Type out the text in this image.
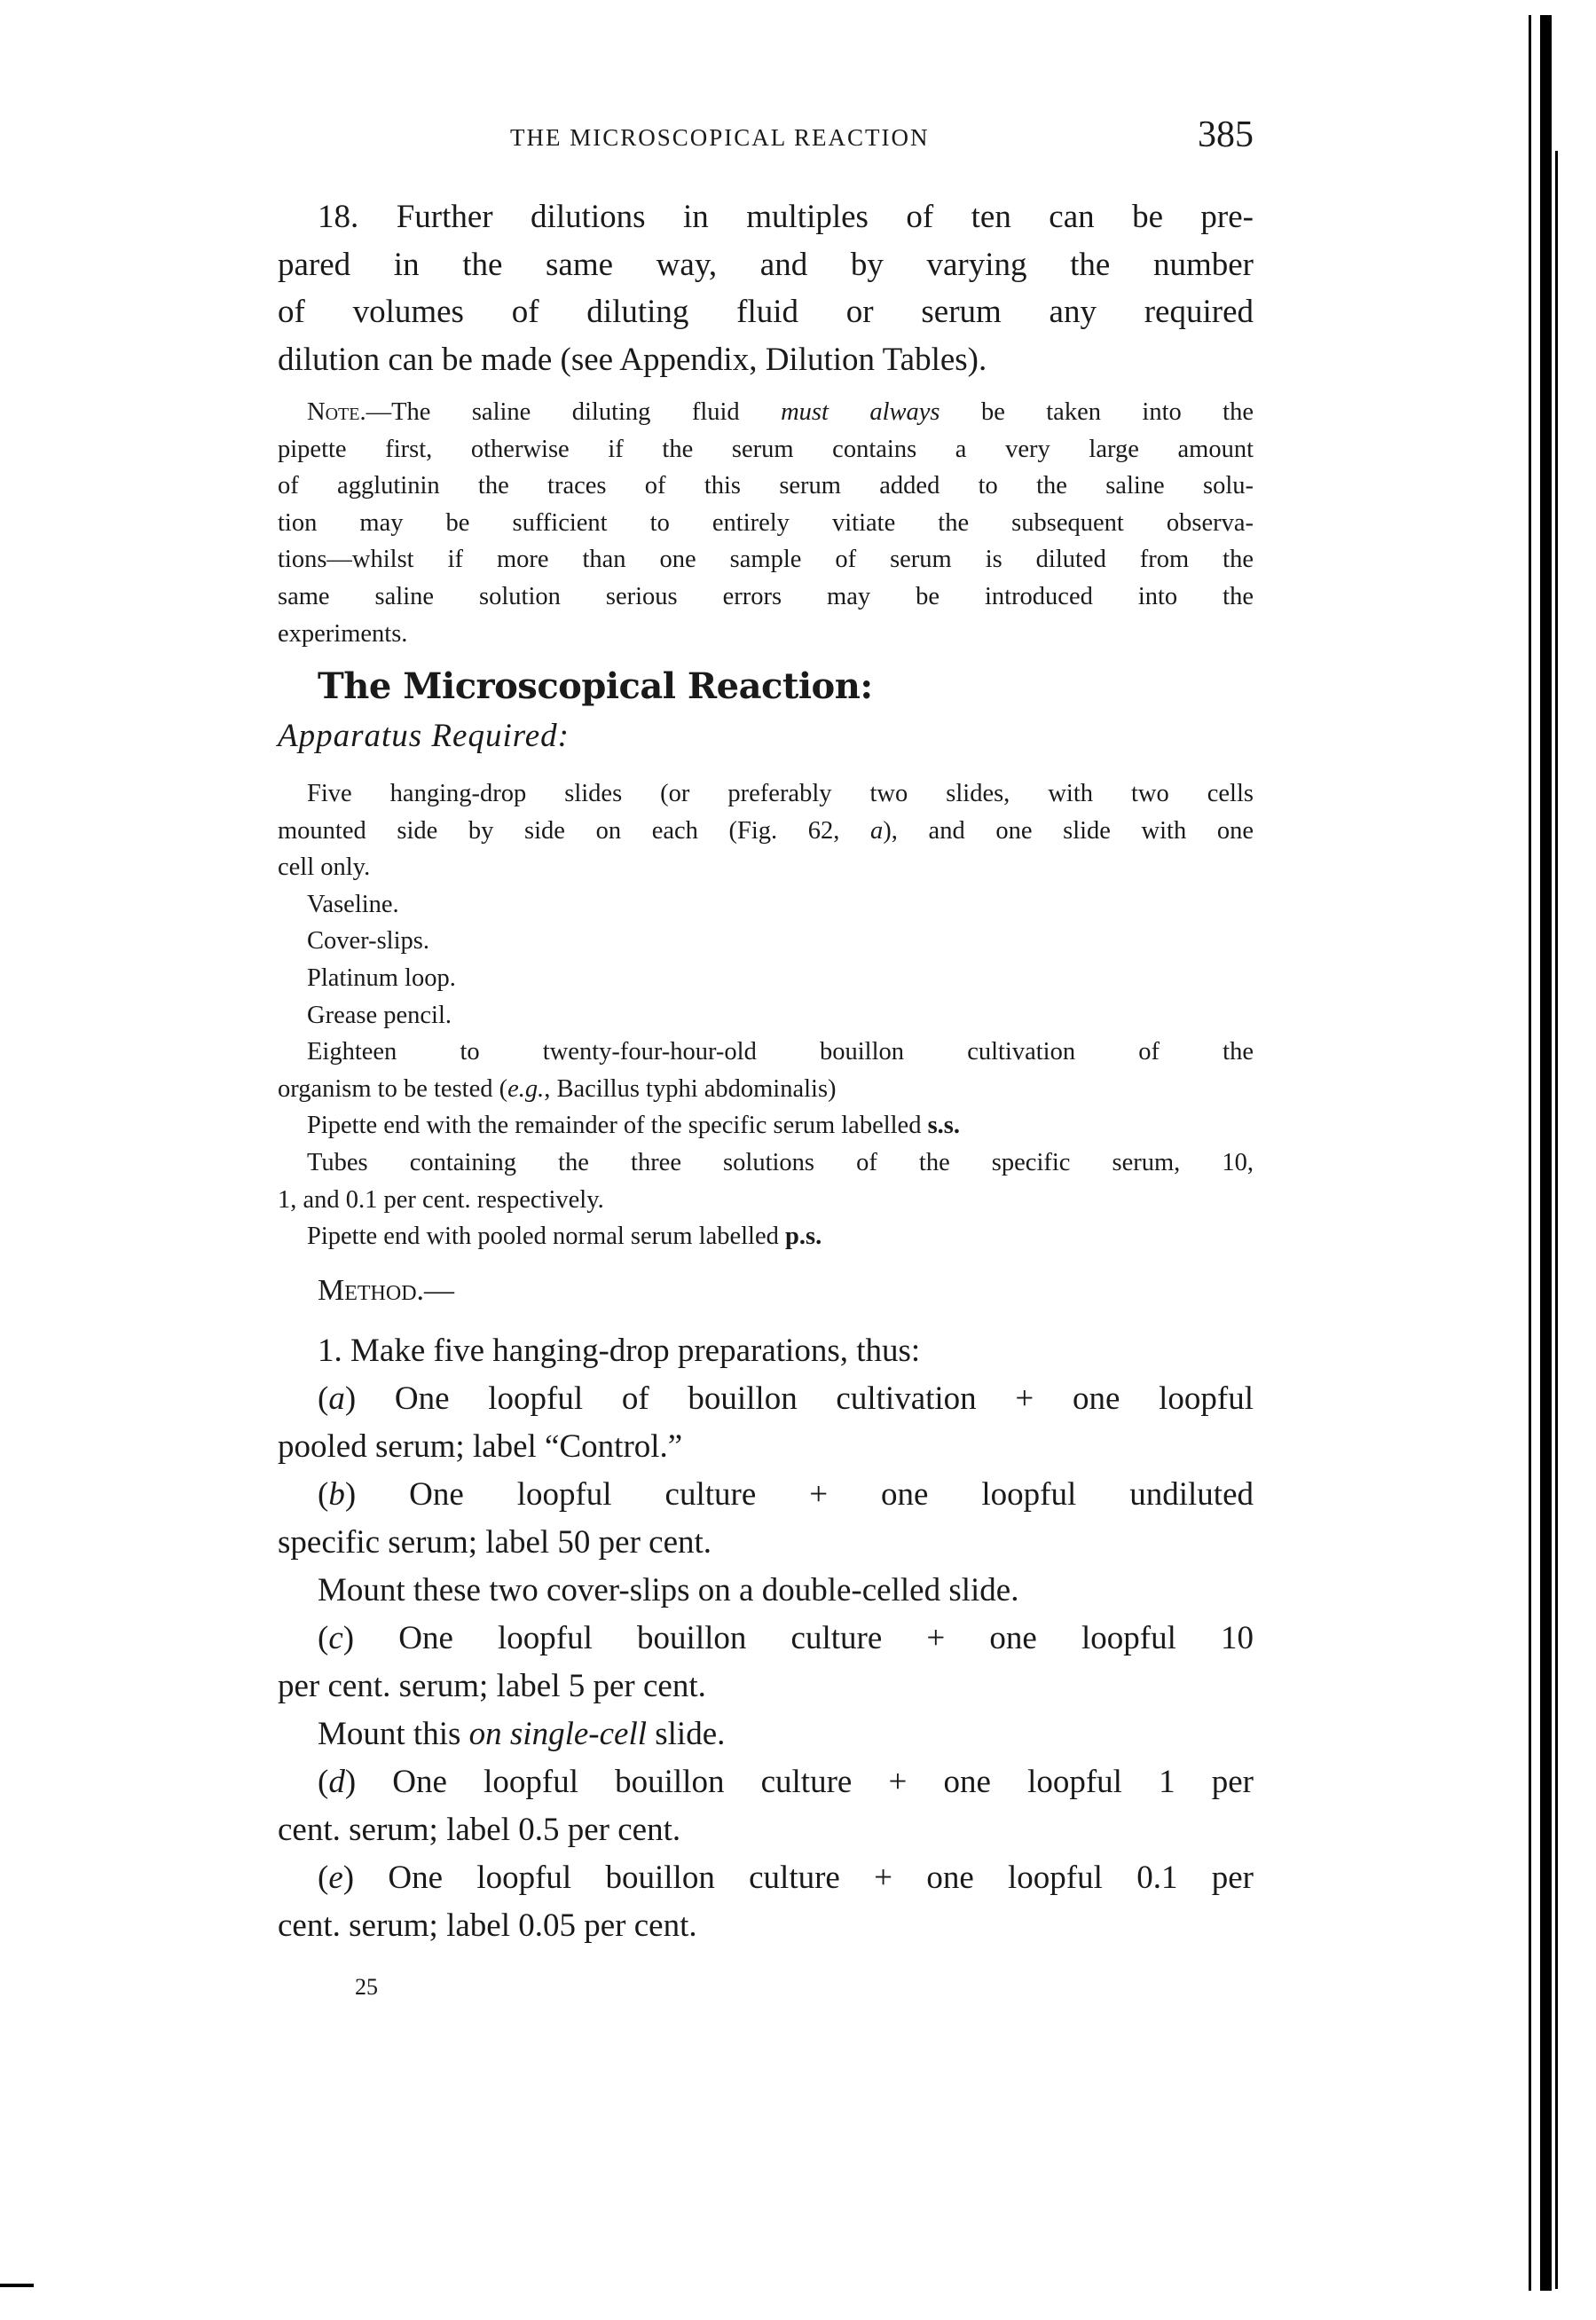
THE MICROSCOPICAL REACTION	385
18. Further dilutions in multiples of ten can be pre-
pared in the same way, and by varying the number
of volumes of diluting fluid or serum any required
dilution can be made (see Appendix, Dilution Tables).
Note.—The saline diluting fluid must always be taken into the
pipette first, otherwise if the serum contains a very large amount
of agglutinin the traces of this serum added to the saline solu-
tion may be sufficient to entirely vitiate the subsequent observa-
tions—whilst if more than one sample of serum is diluted from the
same saline solution serious errors may be introduced into the
experiments.
The Microscopical Reaction:
Apparatus Required:
Five hanging-drop slides (or preferably two slides, with two cells
mounted side by side on each (Fig. 62, a), and one slide with one
cell only.
Vaseline.
Cover-slips.
Platinum loop.
Grease pencil.
Eighteen to twenty-four-hour-old bouillon cultivation of the
organism to be tested (e.g., Bacillus typhi abdominalis)
Pipette end with the remainder of the specific serum labelled s.s.
Tubes containing the three solutions of the specific serum, 10,
1, and 0.1 per cent. respectively.
Pipette end with pooled normal serum labelled p.s.
Method.—
1. Make five hanging-drop preparations, thus:
(a) One loopful of bouillon cultivation + one loopful
pooled serum; label “Control.”
(b) One loopful culture + one loopful undiluted
specific serum; label 50 per cent.
Mount these two cover-slips on a double-celled slide.
(c) One loopful bouillon culture + one loopful 10
per cent. serum; label 5 per cent.
Mount this on single-cell slide.
(d) One loopful bouillon culture + one loopful 1 per
cent. serum; label 0.5 per cent.
(e) One loopful bouillon culture + one loopful 0.1 per
cent. serum; label 0.05 per cent.
25
